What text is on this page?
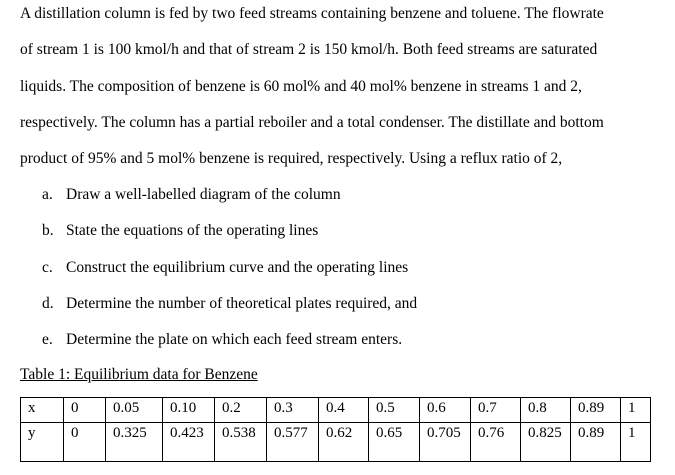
A distillation column is fed by two feed streams containing benzene and toluene. The flowrate
of stream 1 is 100 kmol/h and that of stream 2 is 150 kmol/h. Both feed streams are saturated
liquids. The composition of benzene is 60 mol% and 40 mol% benzene in streams 1 and 2,
respectively. The column has a partial reboiler and a total condenser. The distillate and bottom
product of 95% and 5 mol% benzene is required, respectively. Using a reflux ratio of 2,
a. Draw a well-labelled diagram of the column
b. State the equations of the operating lines
c. Construct the equilibrium curve and the operating lines
d. Determine the number of theoretical plates required, and
e. Determine the plate on which each feed stream enters.
Table 1: Equilibrium data for Benzene
x	0	0.05	0.10	0.2	0.3	0.4	0.5	0.6	0.7	0.8	0.89	1
y	0	0.325	0.423	0.538	0.577	0.62	0.65	0.705	0.76	0.825	0.89	1
